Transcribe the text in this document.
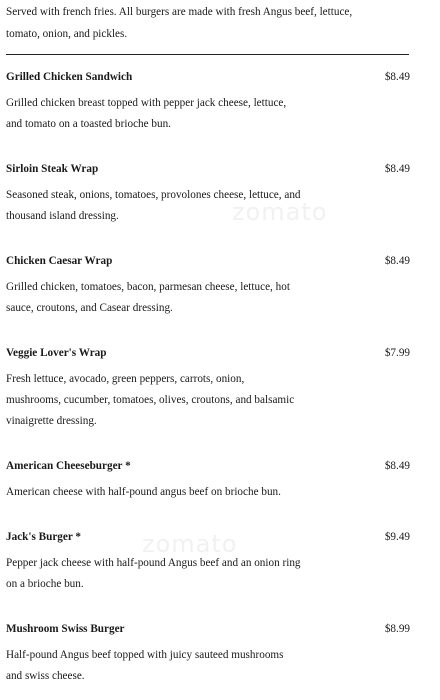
Served with french fries. All burgers are made with fresh Angus beef, lettuce,
tomato, onion, and pickles.
Grilled Chicken Sandwich	$8.49
Grilled chicken breast topped with pepper jack cheese, lettuce,
and tomato on a toasted brioche bun.
Sirloin Steak Wrap	$8.49
Seasoned steak, onions, tomatoes, provolones cheese, lettuce, and
thousand island dressing.
Chicken Caesar Wrap	$8.49
Grilled chicken, tomatoes, bacon, parmesan cheese, lettuce, hot
sauce, croutons, and Casear dressing.
Veggie Lover's Wrap	$7.99
Fresh lettuce, avocado, green peppers, carrots, onion,
mushrooms, cucumber, tomatoes, olives, croutons, and balsamic
vinaigrette dressing.
American Cheeseburger *	$8.49
American cheese with half-pound angus beef on brioche bun.
Jack's Burger *	$9.49
Pepper jack cheese with half-pound Angus beef and an onion ring
on a brioche bun.
Mushroom Swiss Burger	$8.99
Half-pound Angus beef topped with juicy sauteed mushrooms
and swiss cheese.
zomato
zomato
